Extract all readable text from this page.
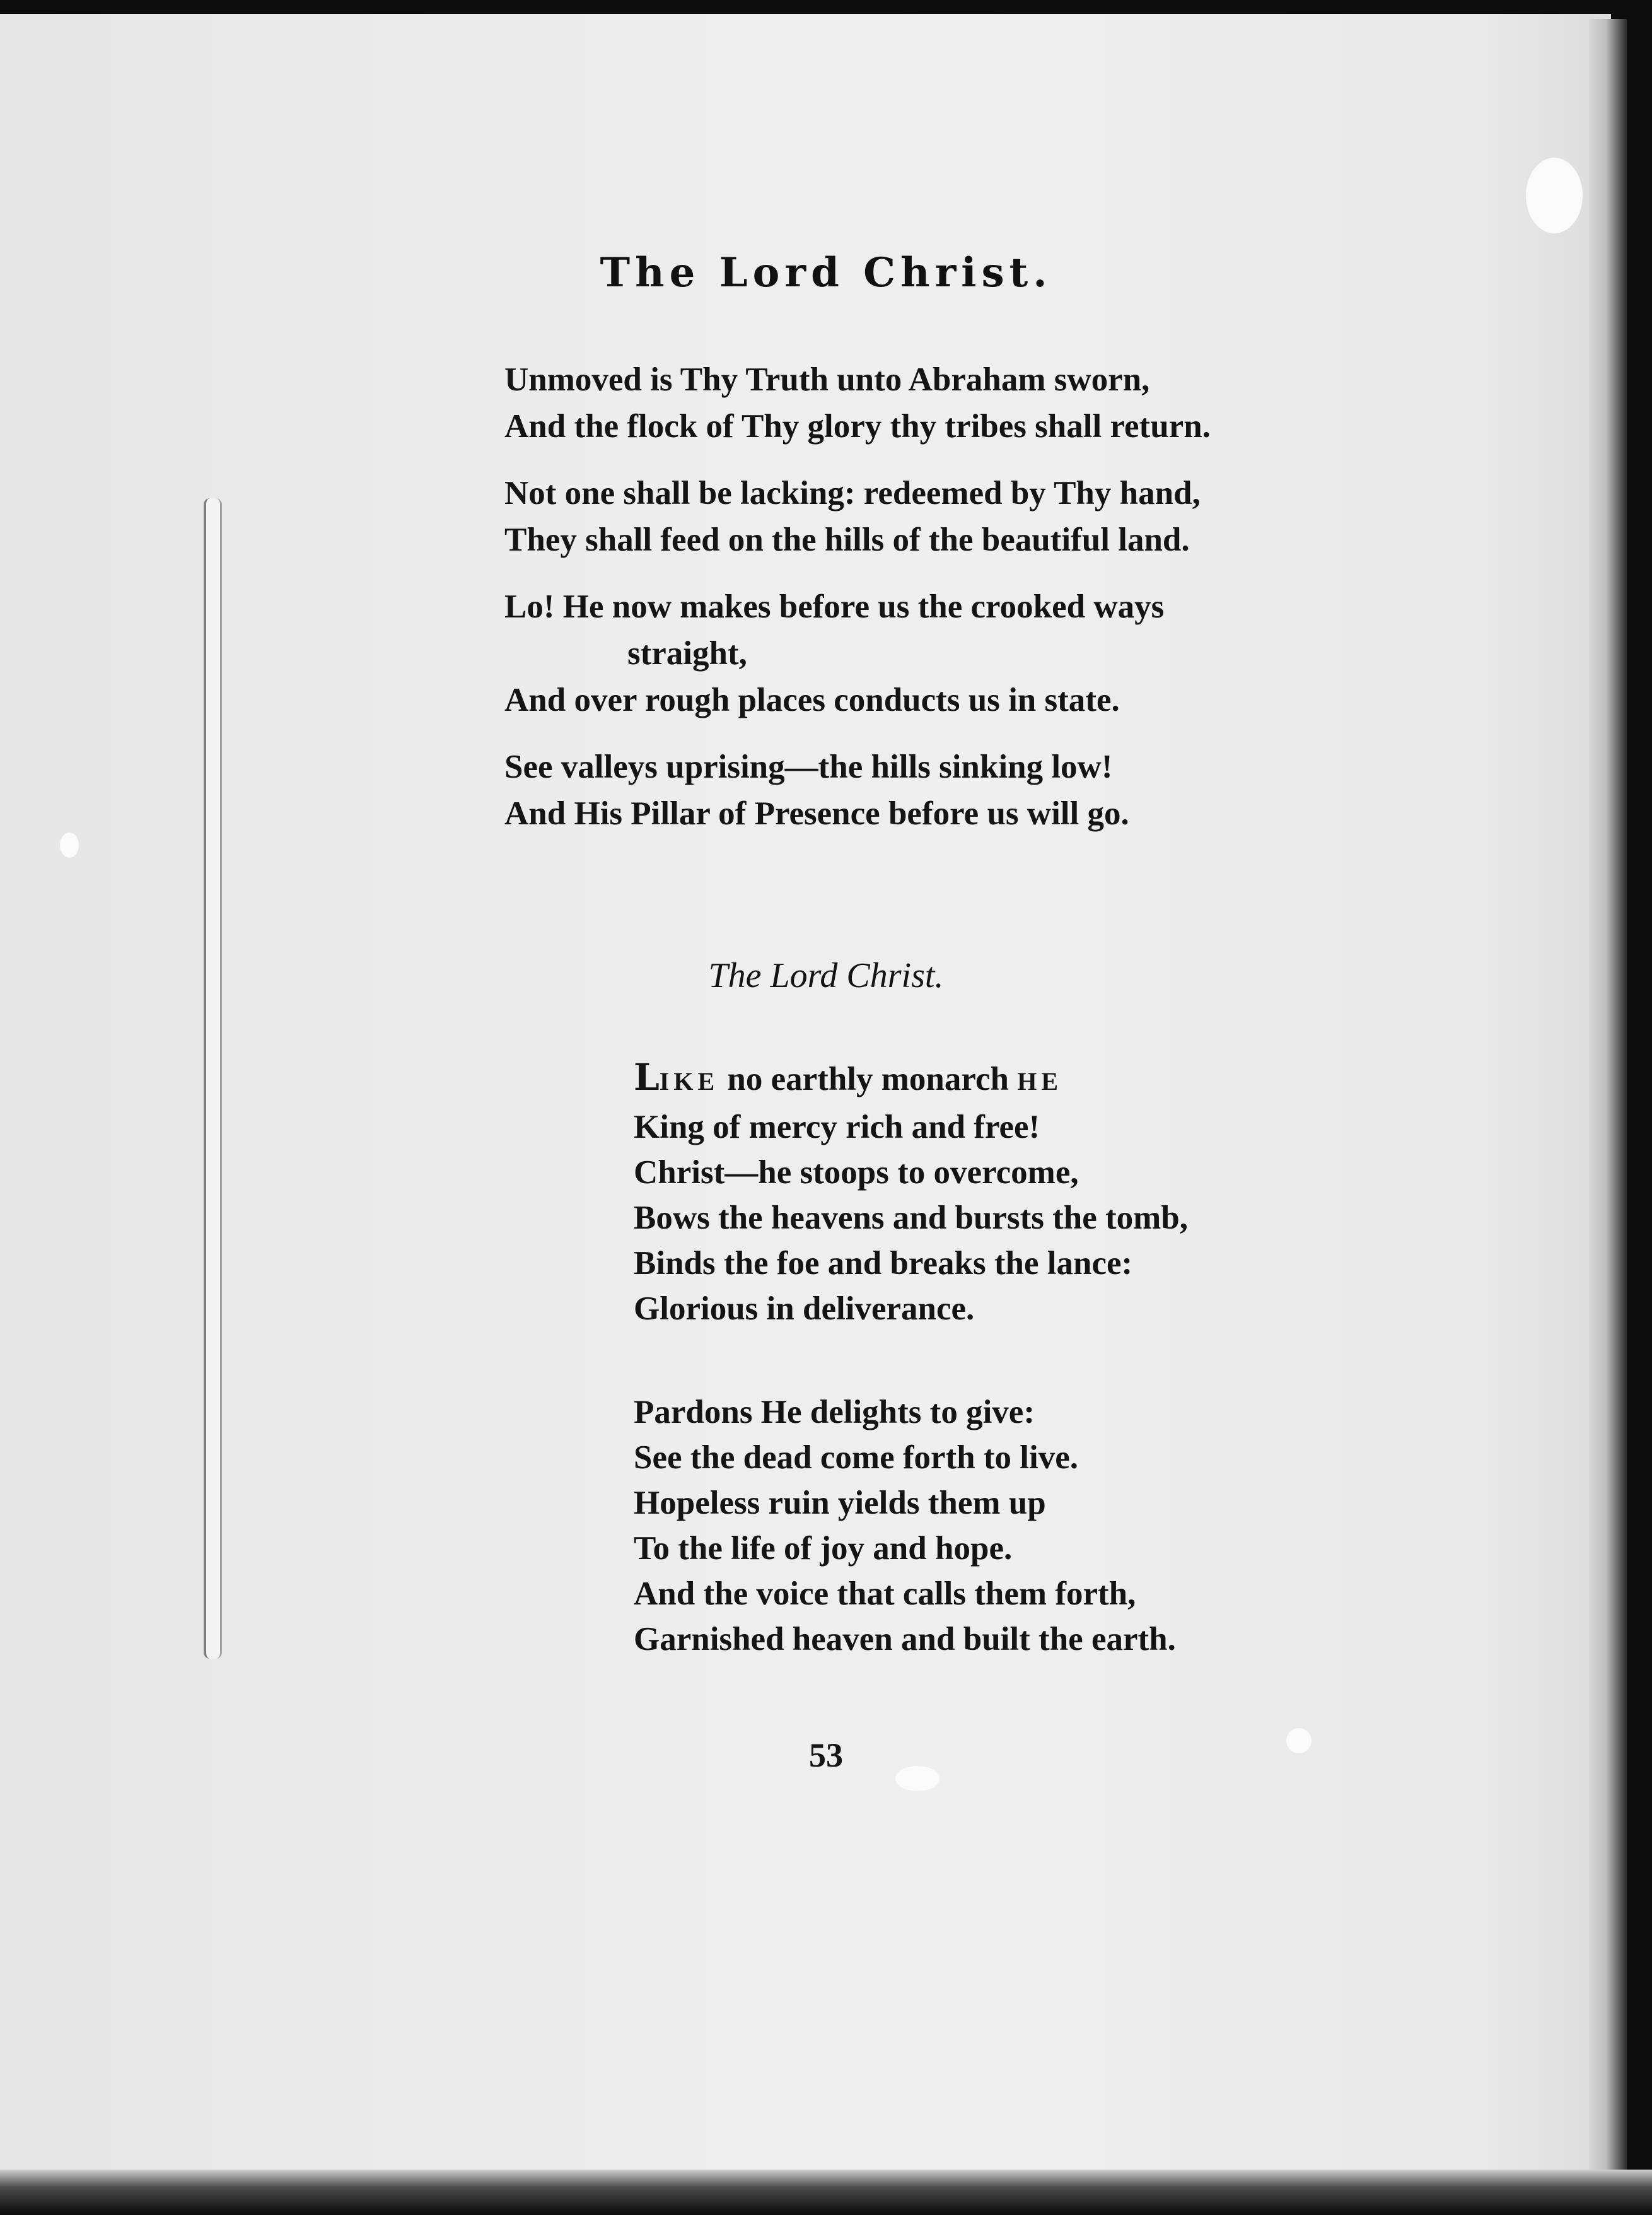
The Lord Christ.
Unmoved is Thy Truth unto Abraham sworn,
And the flock of Thy glory thy tribes shall return.
Not one shall be lacking: redeemed by Thy hand,
They shall feed on the hills of the beautiful land.
Lo! He now makes before us the crooked ways
straight,
And over rough places conducts us in state.
See valleys uprising—the hills sinking low!
And His Pillar of Presence before us will go.
The Lord Christ.
LIKE no earthly monarch HE
King of mercy rich and free!
Christ—he stoops to overcome,
Bows the heavens and bursts the tomb,
Binds the foe and breaks the lance:
Glorious in deliverance.
Pardons He delights to give:
See the dead come forth to live.
Hopeless ruin yields them up
To the life of joy and hope.
And the voice that calls them forth,
Garnished heaven and built the earth.
53
